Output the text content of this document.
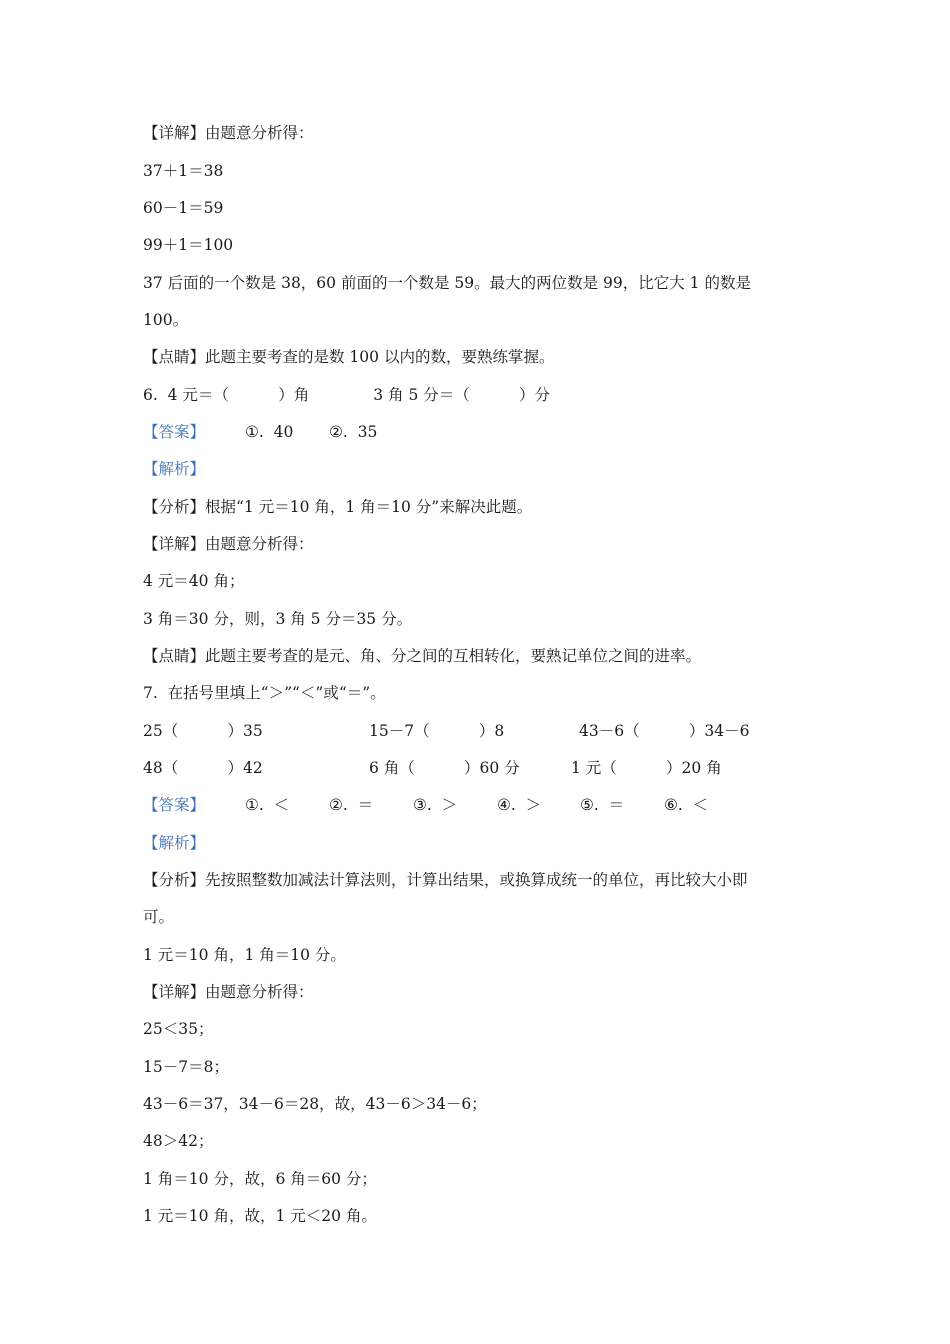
【详解】由题意分析得：
37＋1＝38
60－1＝59
99＋1＝100
37 后面的一个数是 38，60 前面的一个数是 59。最大的两位数是 99，比它大 1 的数是
100。
【点睛】此题主要考查的是数 100 以内的数，要熟练掌握。
6.  4 元＝（          ）角             3 角 5 分＝（          ）分

【答案】

	①.  40

②.  35

【解析】
【分析】根据“1 元＝10 角，1 角＝10 分”来解决此题。
【详解】由题意分析得：
4 元＝40 角；
3 角＝30 分，则，3 角 5 分＝35 分。
【点睛】此题主要考查的是元、角、分之间的互相转化，要熟记单位之间的进率。
7.  在括号里填上“＞”“＜”或“＝”。

25（          ）35

	15－7（          ）8

	43－6（          ）34－6

48（          ）42

	6 角（          ）60 分

	1 元（          ）20 角

【答案】

	①.  ＜

	②.  ＝

	③.  ＞

	④.  ＞

	⑤.  ＝

	⑥.  ＜

【解析】
【分析】先按照整数加减法计算法则，计算出结果，或换算成统一的单位，再比较大小即
可。
1 元＝10 角，1 角＝10 分。
【详解】由题意分析得：
25＜35；
15－7＝8；
43－6＝37，34－6＝28，故，43－6＞34－6；
48＞42；
1 角＝10 分，故，6 角＝60 分；
1 元＝10 角，故，1 元＜20 角。
